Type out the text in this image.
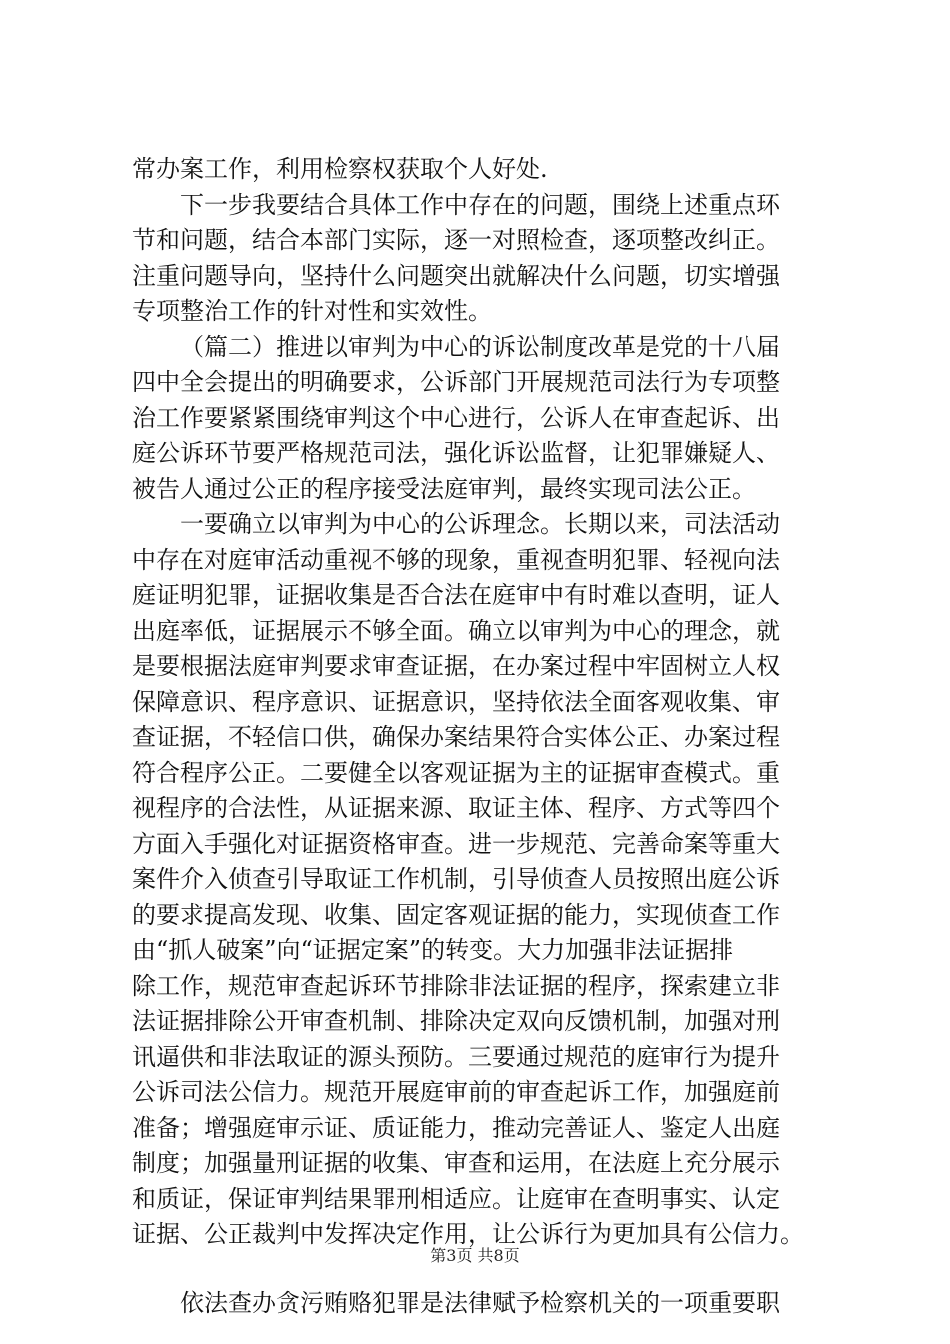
常办案工作，利用检察权获取个人好处.
下一步我要结合具体工作中存在的问题，围绕上述重点环
节和问题，结合本部门实际，逐一对照检查，逐项整改纠正。
注重问题导向，坚持什么问题突出就解决什么问题，切实增强
专项整治工作的针对性和实效性。
（篇二）推进以审判为中心的诉讼制度改革是党的十八届
四中全会提出的明确要求，公诉部门开展规范司法行为专项整
治工作要紧紧围绕审判这个中心进行，公诉人在审查起诉、出
庭公诉环节要严格规范司法，强化诉讼监督，让犯罪嫌疑人、
被告人通过公正的程序接受法庭审判，最终实现司法公正。
一要确立以审判为中心的公诉理念。长期以来，司法活动
中存在对庭审活动重视不够的现象，重视查明犯罪、轻视向法
庭证明犯罪，证据收集是否合法在庭审中有时难以查明，证人
出庭率低，证据展示不够全面。确立以审判为中心的理念，就
是要根据法庭审判要求审查证据，在办案过程中牢固树立人权
保障意识、程序意识、证据意识，坚持依法全面客观收集、审
查证据，不轻信口供，确保办案结果符合实体公正、办案过程
符合程序公正。二要健全以客观证据为主的证据审查模式。重
视程序的合法性，从证据来源、取证主体、程序、方式等四个
方面入手强化对证据资格审查。进一步规范、完善命案等重大
案件介入侦查引导取证工作机制，引导侦查人员按照出庭公诉
的要求提高发现、收集、固定客观证据的能力，实现侦查工作
由“抓人破案”向“证据定案”的转变。大力加强非法证据排
除工作，规范审查起诉环节排除非法证据的程序，探索建立非
法证据排除公开审查机制、排除决定双向反馈机制，加强对刑
讯逼供和非法取证的源头预防。三要通过规范的庭审行为提升
公诉司法公信力。规范开展庭审前的审查起诉工作，加强庭前
准备；增强庭审示证、质证能力，推动完善证人、鉴定人出庭
制度；加强量刑证据的收集、审查和运用，在法庭上充分展示
和质证，保证审判结果罪刑相适应。让庭审在查明事实、认定
证据、公正裁判中发挥决定作用，让公诉行为更加具有公信力。
依法查办贪污贿赂犯罪是法律赋予检察机关的一项重要职
第3页 共8页
